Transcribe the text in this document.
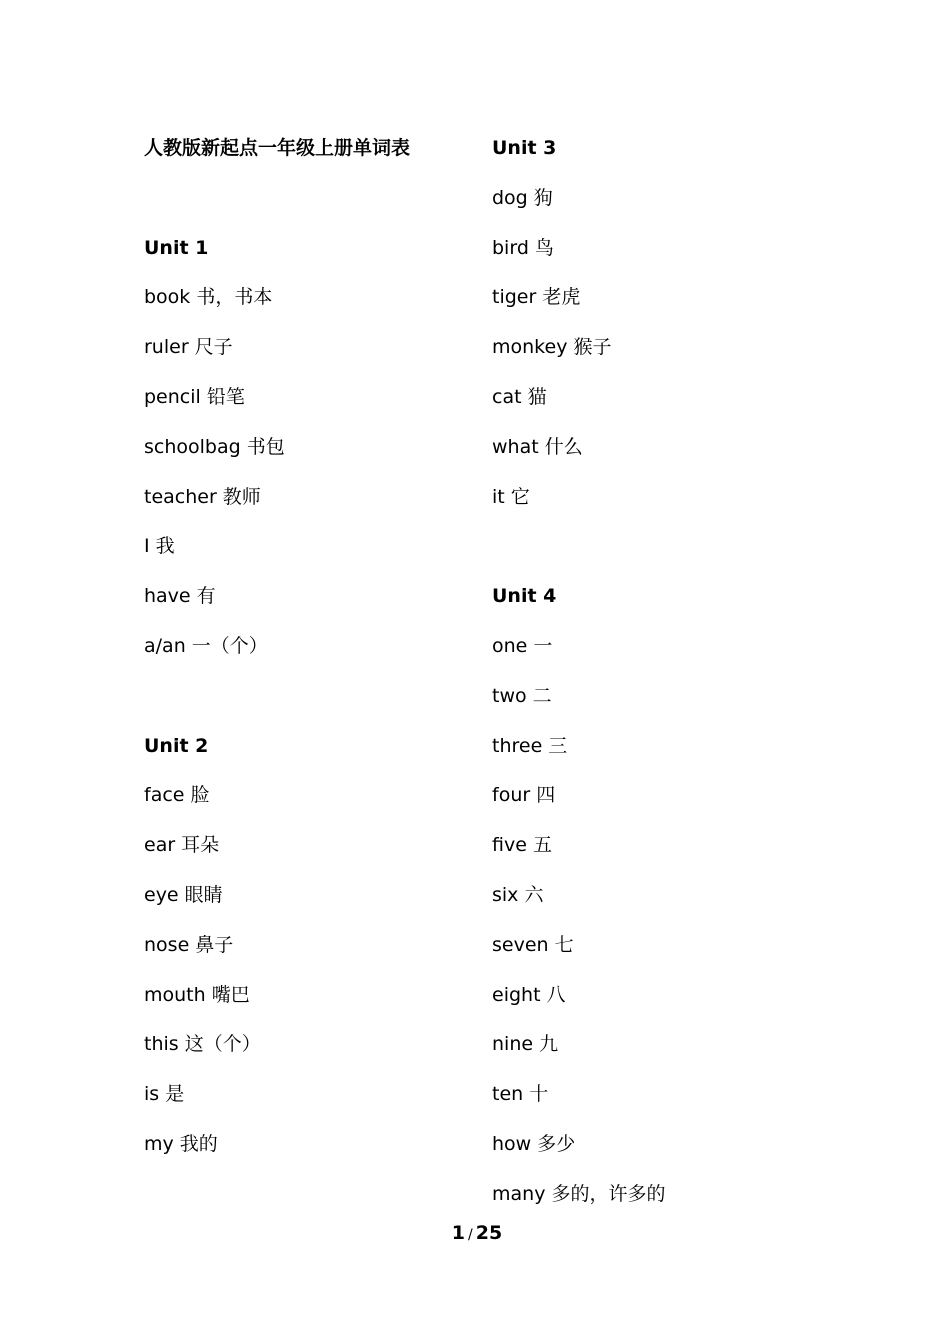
人教版新起点一年级上册单词表
Unit 1
book 书，书本
ruler 尺子
pencil 铅笔
schoolbag 书包
teacher 教师
I 我
have 有
a/an 一（个）
Unit 2
face 脸
ear 耳朵
eye 眼睛
nose 鼻子
mouth 嘴巴
this 这（个）
is 是
my 我的
Unit 3
dog 狗
bird 鸟
tiger 老虎
monkey 猴子
cat 猫
what 什么
it 它
Unit 4
one 一
two 二
three 三
four 四
five 五
six 六
seven 七
eight 八
nine 九
ten 十
how 多少
many 多的，许多的
1 / 25
